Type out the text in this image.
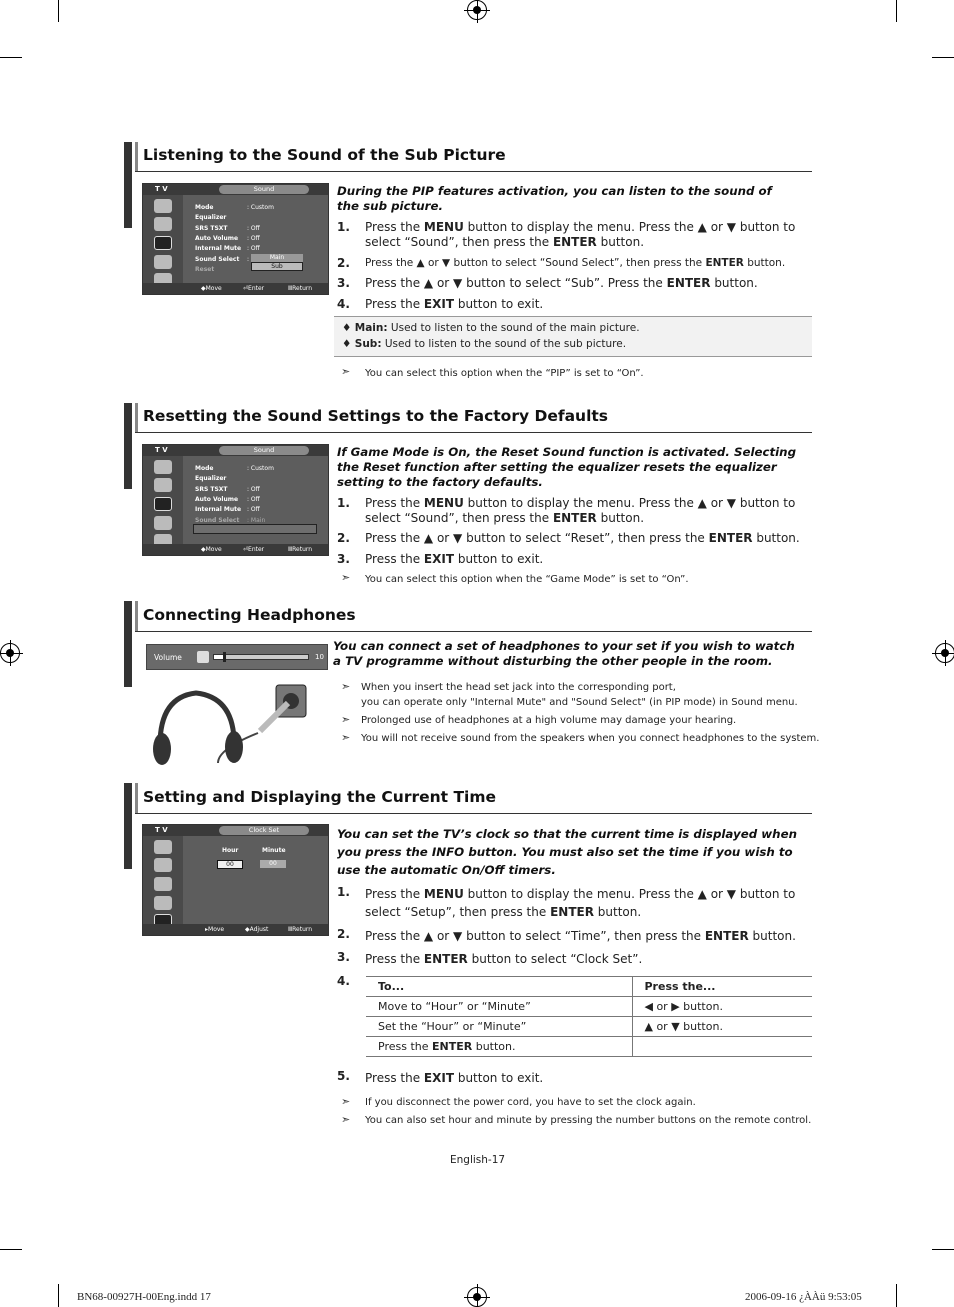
Listening to the Sound of the Sub Picture
T V	Sound
Mode	: Custom
Equalizer
SRS TSXT	: Off
Auto Volume : Off
Internal Mute : Off
Sound Select :
Reset
Main
Sub
◆Move	⏎Enter	ⅢReturn
During the PIP features activation, you can listen to the sound of the sub picture.
1. Press the MENU button to display the menu. Press the ▲ or ▼ button to select “Sound”, then press the ENTER button.
2. Press the ▲ or ▼ button to select “Sound Select”, then press the ENTER button.
3. Press the ▲ or ▼ button to select “Sub”. Press the ENTER button.
4. Press the EXIT button to exit.
♦ Main: Used to listen to the sound of the main picture.
♦ Sub: Used to listen to the sound of the sub picture.
➣ You can select this option when the “PIP” is set to “On”.
Resetting the Sound Settings to the Factory Defaults
T V	Sound
Mode	: Custom
Equalizer
SRS TSXT	: Off
Auto Volume : Off
Internal Mute : Off
Sound Select : Main
◆Move	⏎Enter	ⅢReturn
If Game Mode is On, the Reset Sound function is activated. Selecting the Reset function after setting the equalizer resets the equalizer setting to the factory defaults.
1. Press the MENU button to display the menu. Press the ▲ or ▼ button to select “Sound”, then press the ENTER button.
2. Press the ▲ or ▼ button to select “Reset”, then press the ENTER button.
3. Press the EXIT button to exit.
➣ You can select this option when the “Game Mode” is set to “On”.
Connecting Headphones
Volume	10
You can connect a set of headphones to your set if you wish to watch a TV programme without disturbing the other people in the room.
➣ When you insert the head set jack into the corresponding port,
you can operate only "Internal Mute" and "Sound Select" (in PIP mode) in Sound menu.
➣ Prolonged use of headphones at a high volume may damage your hearing.
➣ You will not receive sound from the speakers when you connect headphones to the system.
Setting and Displaying the Current Time
T V	Clock Set
Hour	Minute
00	00
▸Move	◆Adjust	ⅢReturn
You can set the TV’s clock so that the current time is displayed when you press the INFO button. You must also set the time if you wish to use the automatic On/Off timers.
1. Press the MENU button to display the menu. Press the ▲ or ▼ button to select “Setup”, then press the ENTER button.
2. Press the ▲ or ▼ button to select “Time”, then press the ENTER button.
3. Press the ENTER button to select “Clock Set”.
4.
5. Press the EXIT button to exit.
To...	Press the...
Move to “Hour” or “Minute”	◀ or ▶ button.
Set the “Hour” or “Minute”	▲ or ▼ button.
Press the ENTER button.	
➣ If you disconnect the power cord, you have to set the clock again.
➣ You can also set hour and minute by pressing the number buttons on the remote control.
English-17
BN68-00927H-00Eng.indd 17	2006-09-16 ¿ÀÀü 9:53:05
